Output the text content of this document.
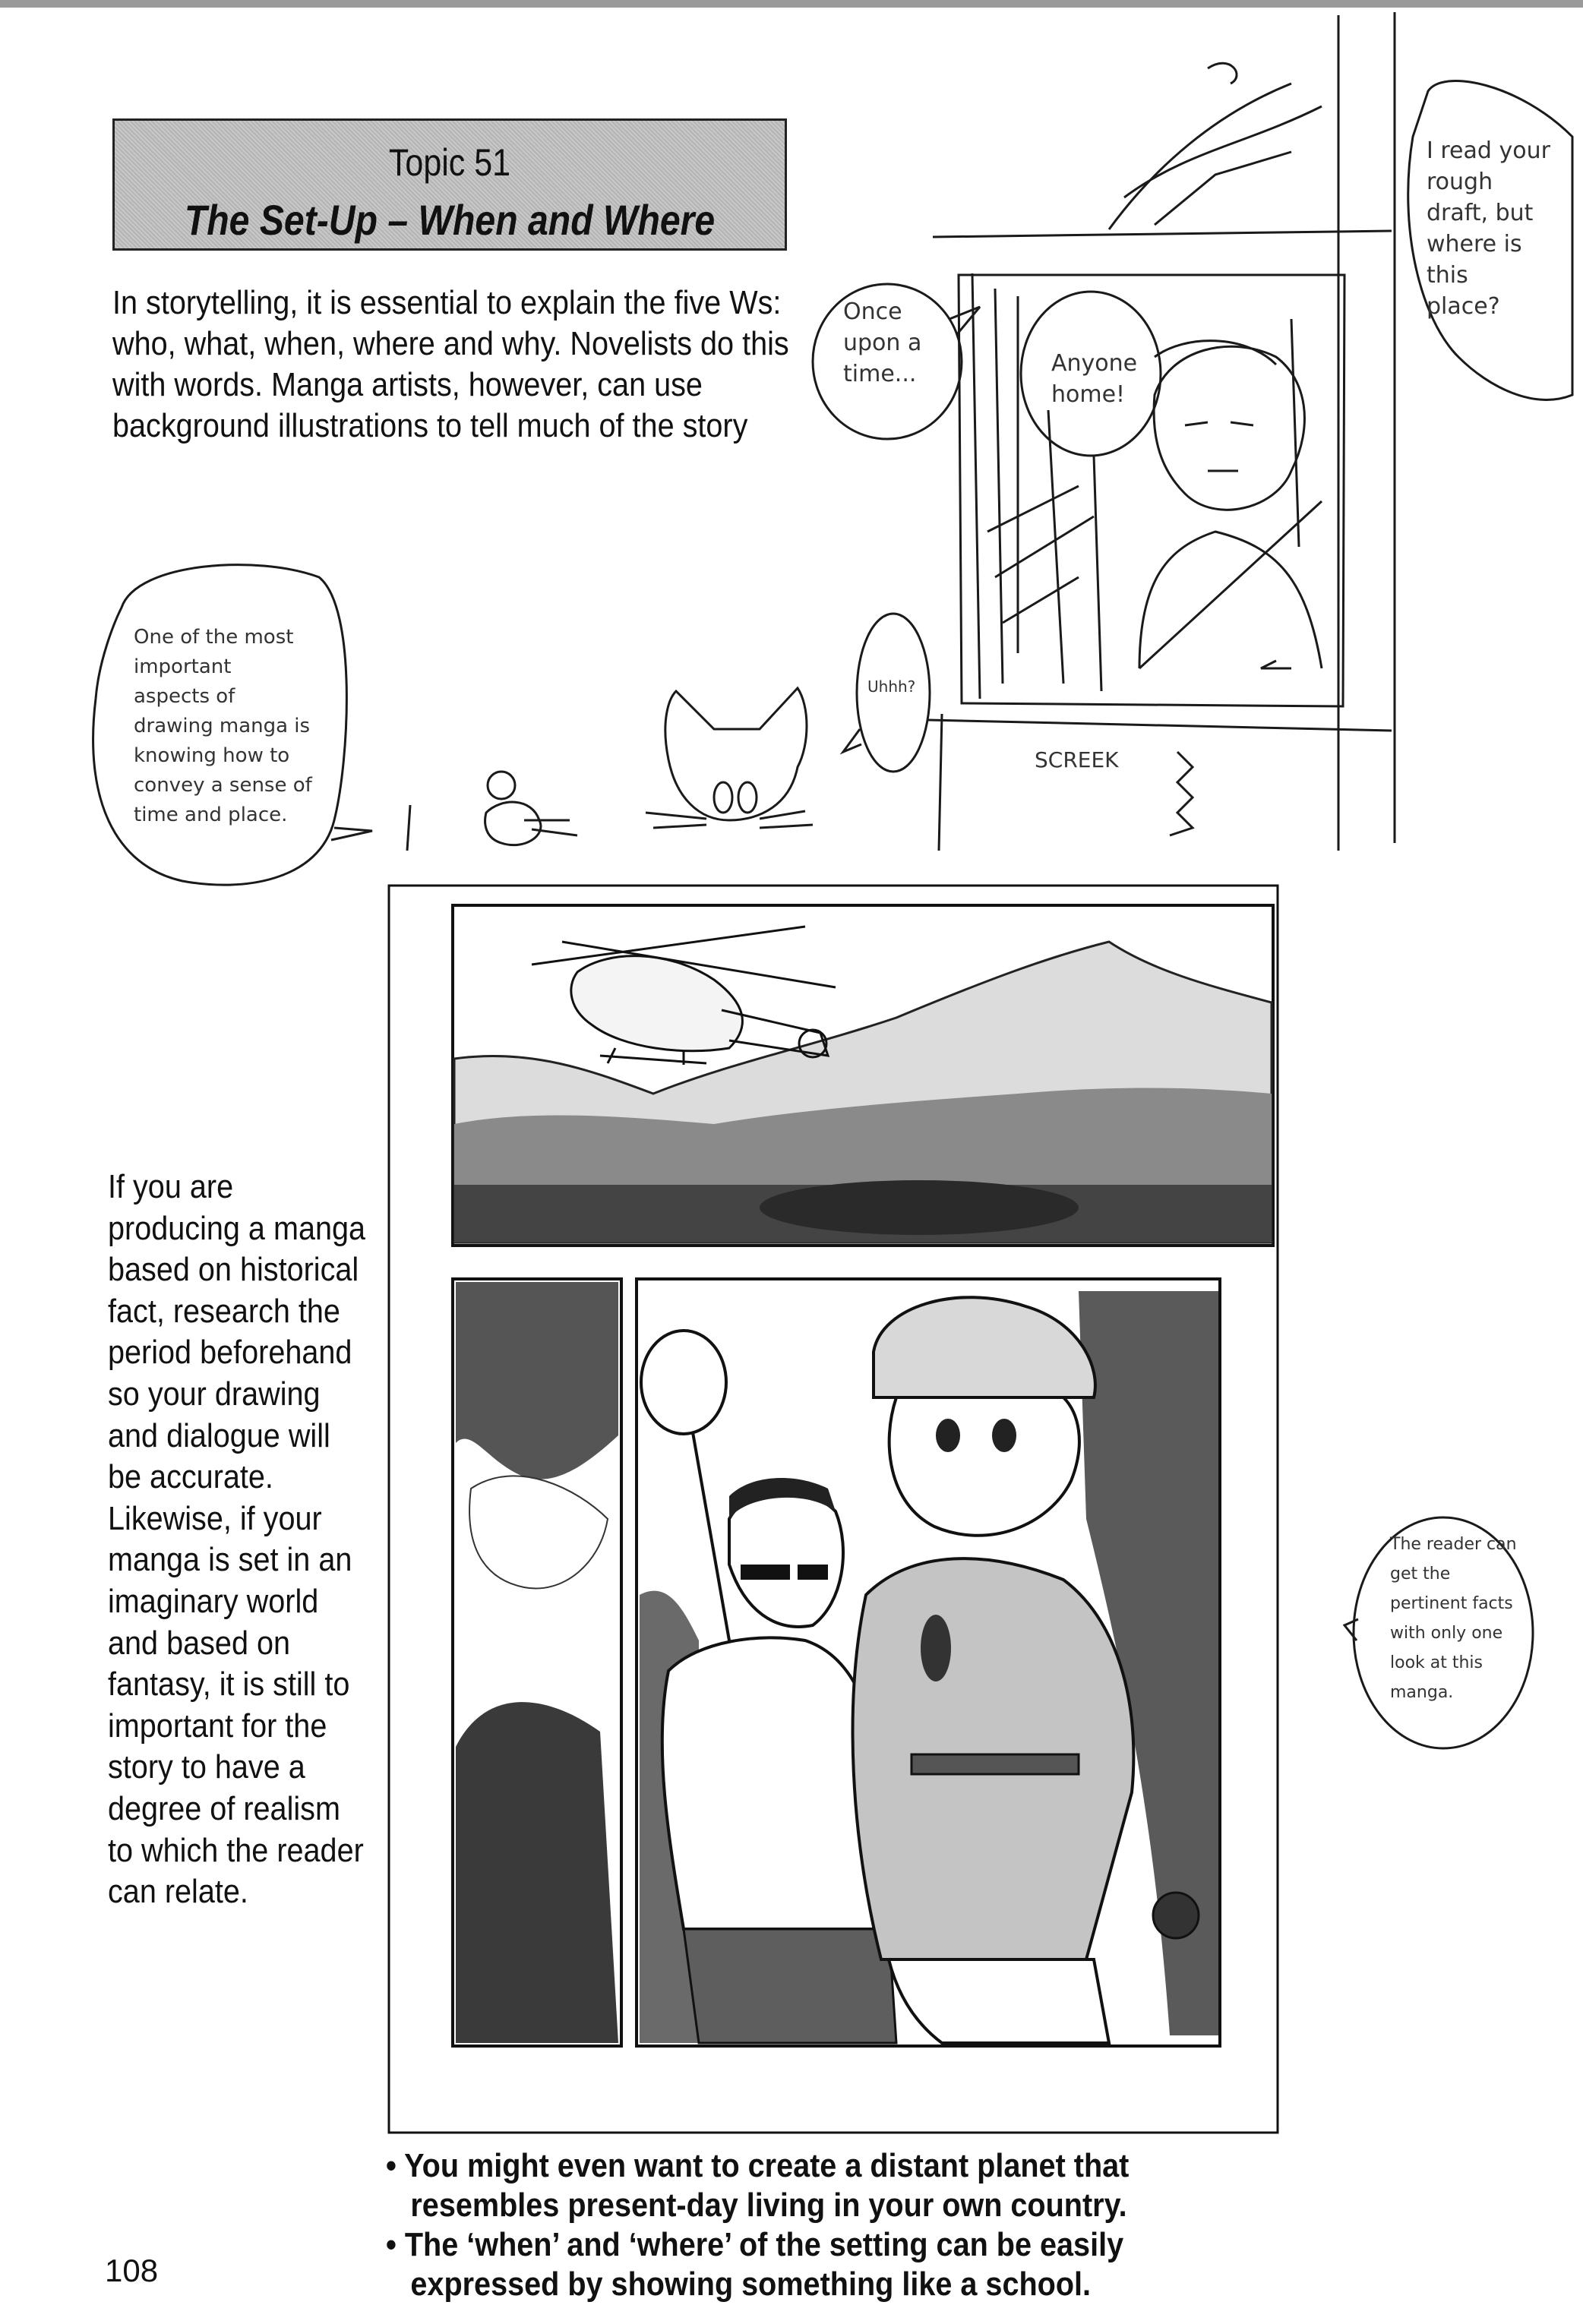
Topic 51
The Set-Up – When and Where
In storytelling, it is essential to explain the five Ws: who, what, when, where and why. Novelists do this with words. Manga artists, however, can use background illustrations to tell much of the story
If you are producing a manga based on historical fact, research the period beforehand so your drawing and dialogue will be accurate. Likewise, if your manga is set in an imaginary world and based on fantasy, it is still to important for the story to have a degree of realism to which the reader can relate.
• You might even want to create a distant planet that resembles present-day living in your own country.
• The ‘when’ and ‘where’ of the setting can be easily expressed by showing something like a school.
108
I read your
rough
draft, but
where is
this
place?
Once
upon a
time...	Anyone
home!
Uhhh?
SCREEK
One of the most
important
aspects of
drawing manga is
knowing how to
convey a sense of
time and place.
The reader can
get the
pertinent facts
with only one
look at this
manga.
